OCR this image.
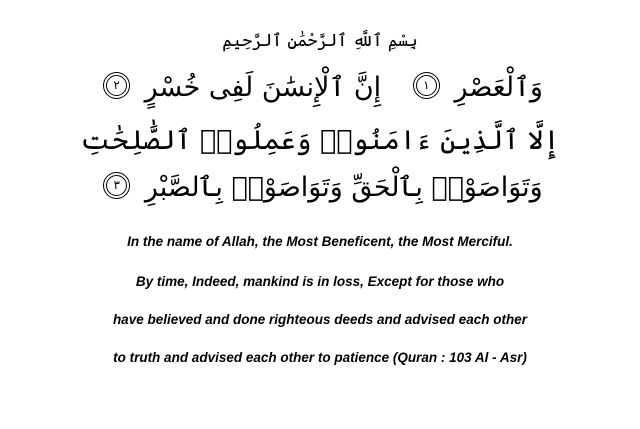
بِسْمِ ٱللَّهِ ٱلرَّحْمَٰنِ ٱلرَّحِيمِ
وَٱلْعَصْرِ ١   إِنَّ ٱلْإِنسَٰنَ لَفِى خُسْرٍ ٢
إِلَّا ٱلَّذِينَ ءَامَنُوا۟ وَعَمِلُوا۟ ٱلصَّٰلِحَٰتِ
وَتَوَاصَوْا۟ بِٱلْحَقِّ وَتَوَاصَوْا۟ بِٱلصَّبْرِ ٣
In the name of Allah, the Most Beneficent, the Most Merciful.
By time, Indeed, mankind is in loss, Except for those who
have believed and done righteous deeds and advised each other
to truth and advised each other to patience (Quran : 103 Al - Asr)
